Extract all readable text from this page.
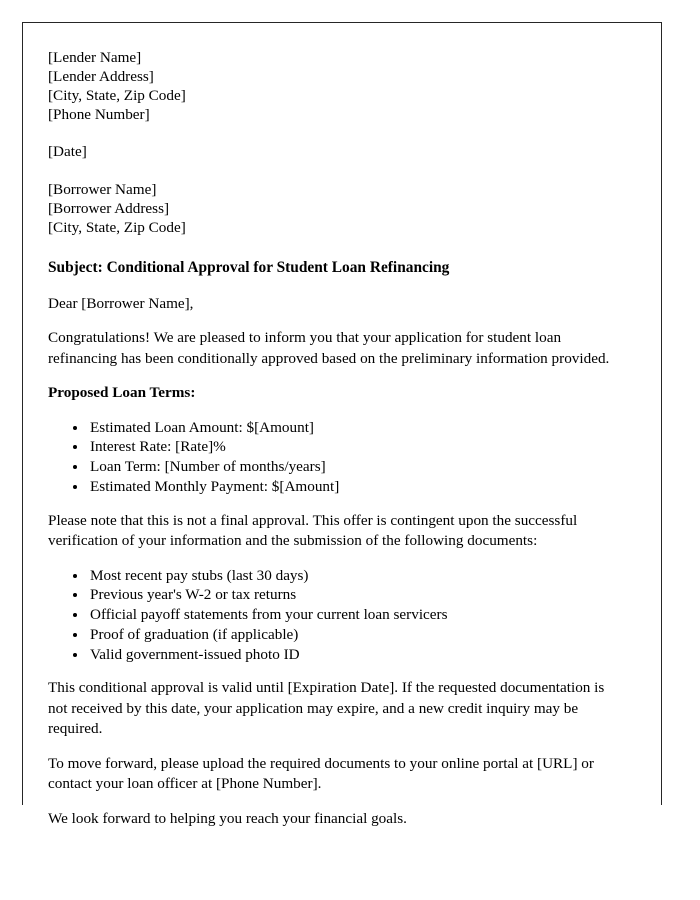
[Lender Name]
[Lender Address]
[City, State, Zip Code]
[Phone Number]
[Date]
[Borrower Name]
[Borrower Address]
[City, State, Zip Code]
Subject: Conditional Approval for Student Loan Refinancing

Dear [Borrower Name],

Congratulations! We are pleased to inform you that your application for student loan refinancing has been conditionally approved based on the preliminary information provided.

Proposed Loan Terms:
• Estimated Loan Amount: $[Amount]
• Interest Rate: [Rate]%
• Loan Term: [Number of months/years]
• Estimated Monthly Payment: $[Amount]

Please note that this is not a final approval. This offer is contingent upon the successful verification of your information and the submission of the following documents:

• Most recent pay stubs (last 30 days)
• Previous year's W-2 or tax returns
• Official payoff statements from your current loan servicers
• Proof of graduation (if applicable)
• Valid government-issued photo ID

This conditional approval is valid until [Expiration Date]. If the requested documentation is not received by this date, your application may expire, and a new credit inquiry may be required.

To move forward, please upload the required documents to your online portal at [URL] or contact your loan officer at [Phone Number].

We look forward to helping you reach your financial goals.
